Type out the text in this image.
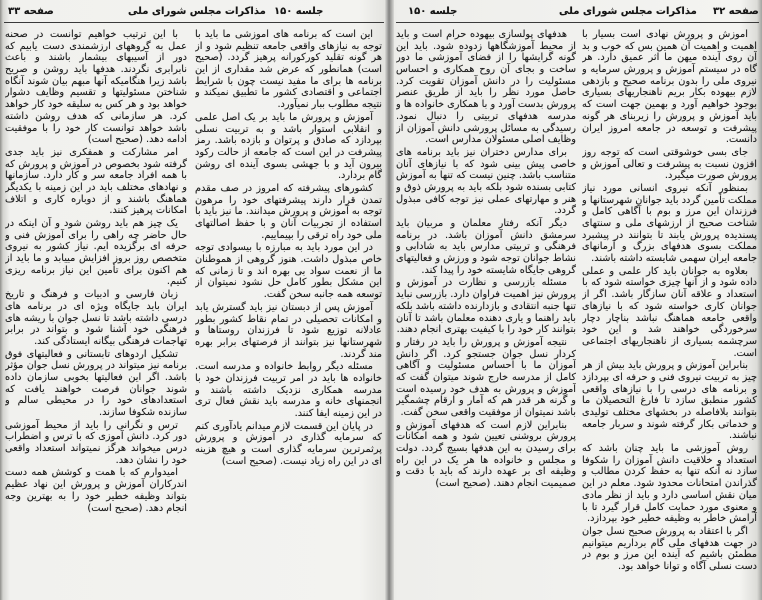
صفحه ۳۳	مذاکرات مجلس شورای ملی جلسه ۱۵۰

این است که برنامه های آموزشی ما باید با توجه به نیازهای واقعی جامعه تنظیم شود و از هر گونه تقلید کورکورانه پرهیز گردد. (صحیح است) همانطور که عرض شد مقداری از این برنامه ها برای ما مفید نیست چون با شرایط اجتماعی و اقتصادی کشور ما تطبیق نمیکند و نتیجه مطلوب ببار نمیآورد.

آموزش و پرورش ما باید بر یک اصل علمی و انقلابی استوار باشد و به تربیت نسلی بپردازد که صادق و پرتوان و بازده باشد. رمز پیشرفت در این است که جامعه از حالت رکود بیرون آید و با جهشی بسوی آینده ای روشن گام بردارد.

کشورهای پیشرفته که امروز در صف مقدم تمدن قرار دارند پیشرفتهای خود را مرهون توجه به آموزش و پرورش میدانند. ما نیز باید با استفاده از تجربیات آنان و با حفظ اصالتهای ملی خود راه ترقی را بپیماییم.

در این مورد باید به مبارزه با بیسوادی توجه خاص مبذول داشت. هنوز گروهی از هموطنان ما از نعمت سواد بی بهره اند و تا زمانی که این مشکل بطور کامل حل نشود نمیتوان از توسعه همه جانبه سخن گفت.

آموزش پس از دبستان نیز باید گسترش یابد و امکانات تحصیلی در تمام نقاط کشور بطور عادلانه توزیع شود تا فرزندان روستاها و شهرستانها نیز بتوانند از فرصتهای برابر بهره مند گردند.

مسئله دیگر روابط خانواده و مدرسه است. خانواده ها باید در امر تربیت فرزندان خود با مدرسه همکاری نزدیک داشته باشند و انجمنهای خانه و مدرسه باید نقش فعال تری در این زمینه ایفا کنند.

در پایان این قسمت لازم میدانم یادآوری کنم که سرمایه گذاری در آموزش و پرورش پرثمرترین سرمایه گذاری است و هیچ هزینه ای در این راه زیاد نیست. (صحیح است)

با این ترتیب خواهیم توانست در صحنه عمل به گروههای ارزشمندی دست یابیم که دور از آسیبهای بیشمار باشند و باعث نابرابری نگردند. هدفها باید روشن و صریح باشد زیرا هنگامیکه آنها مبهم بیان شوند آنگاه شناختن مسئولیتها و تقسیم وظایف دشوار خواهد بود و هر کس به سلیقه خود کار خواهد کرد. هر سازمانی که هدف روشن داشته باشد خواهد توانست کار خود را با موفقیت ادامه دهد. (صحیح است)

امر مشارکت و همفکری نیز باید جدی گرفته شود بخصوص در آموزش و پرورش که با همه افراد جامعه سر و کار دارد. سازمانها و نهادهای مختلف باید در این زمینه با یکدیگر هماهنگ باشند و از دوباره کاری و اتلاف امکانات پرهیز کنند.

یک چیز هم باید روشن شود و آن اینکه در حال حاضر چه راهی را برای آموزش فنی و حرفه ای برگزیده ایم. نیاز کشور به نیروی متخصص روز بروز افزایش مییابد و ما باید از هم اکنون برای تأمین این نیاز برنامه ریزی کنیم.

زبان فارسی و ادبیات و فرهنگ و تاریخ ایران باید جایگاه ویژه ای در برنامه های درسی داشته باشد تا نسل جوان با ریشه های فرهنگی خود آشنا شود و بتواند در برابر تهاجمات فرهنگی بیگانه ایستادگی کند.

تشکیل اردوهای تابستانی و فعالیتهای فوق برنامه نیز میتواند در پرورش نسل جوان مؤثر باشد. اگر این فعالیتها بخوبی سازمان داده شوند جوانان فرصت خواهند یافت که استعدادهای خود را در محیطی سالم و سازنده شکوفا سازند.

ترس و نگرانی را باید از محیط آموزشی دور کرد. دانش آموزی که با ترس و اضطراب درس میخواند هرگز نمیتواند استعداد واقعی خود را نشان دهد.

امیدوارم که با همت و کوشش همه دست اندرکاران آموزش و پرورش این نهاد عظیم بتواند وظیفه خطیر خود را به بهترین وجه انجام دهد. (صحیح است)

جلسه ۱۵۰	مذاکرات مجلس شورای ملی صفحه ۳۲

آموزش و پرورش نهادی است بسیار با اهمیت و اهمیت آن همین بس که خوب و بد آن روی آینده میهن ما اثر عمیق دارد. هر گاه در سیستم آموزش و پرورش سرمایه و نیروی ملی را بدون برنامه صحیح و بازدهی لازم بیهوده بکار بریم ناهنجاریهای بسیاری بوجود خواهیم آورد و بهمین جهت است که باید آموزش و پرورش را زیربنای هر گونه پیشرفت و توسعه در جامعه امروز ایران دانست.

جای بسی خوشوقتی است که توجه روز افزون نسبت به پیشرفت و تعالی آموزش و پرورش صورت میگیرد.

بمنظور آنکه نیروی انسانی مورد نیاز مملکت تأمین گردد باید جوانان شهرستانها و فرزندان این مرز و بوم با آگاهی کامل و شناخت صحیح از ارزشهای ملی و سنتهای پسندیده پرورش یابند تا بتوانند در پیشبرد مملکت بسوی هدفهای بزرگ و آرمانهای جامعه ایران سهمی شایسته داشته باشند.

بعلاوه به جوانان باید کار علمی و عملی داده شود و از آنها چیزی خواسته شود که با استعداد و علاقه آنان سازگار باشد. اگر از جوانان کاری خواسته شود که با نیازهای واقعی جامعه هماهنگ نباشد بناچار دچار سرخوردگی خواهند شد و این خود سرچشمه بسیاری از ناهنجاریهای اجتماعی است.

بنابراین آموزش و پرورش باید بیش از هر چیز به تربیت نیروی فنی و حرفه ای بپردازد و برنامه های درسی را با نیازهای واقعی کشور منطبق سازد تا فارغ التحصیلان ما بتوانند بلافاصله در بخشهای مختلف تولیدی و خدماتی بکار گرفته شوند و سربار جامعه نباشند.

روش آموزشی ما باید چنان باشد که استعداد و خلاقیت دانش آموزان را شکوفا سازد نه آنکه تنها به حفظ کردن مطالب و گذراندن امتحانات محدود شود. معلم در این میان نقش اساسی دارد و باید از نظر مادی و معنوی مورد حمایت کامل قرار گیرد تا با آرامش خاطر به وظیفه خطیر خود بپردازد.

اگر با اعتقاد به پرورش صحیح نسل جوان در جهت هدفهای ملی گام برداریم میتوانیم مطمئن باشیم که آینده این مرز و بوم در دست نسلی آگاه و توانا خواهد بود.

هدفهای پولسازی بیهوده حرام است و باید از محیط آموزشگاهها زدوده شود. باید این گونه گرایشها را از فضای آموزشی ما دور ساخت و بجای آن روح همکاری و احساس مسئولیت را در دانش آموزان تقویت کرد. حاصل مورد نظر را باید از طریق عنصر پرورش بدست آورد و با همکاری خانواده ها و مدرسه هدفهای تربیتی را دنبال نمود. رسیدگی به مسائل پرورشی دانش آموزان از وظایف اصلی مسئولان مدارس است.

برای مدارس دختران نیز باید برنامه های خاصی پیش بینی شود که با نیازهای آنان متناسب باشد. چنین نیست که تنها به آموزش کتابی بسنده شود بلکه باید به پرورش ذوق و هنر و مهارتهای عملی نیز توجه کافی مبذول گردد.

دیگر آنکه رفتار معلمان و مربیان باید سرمشق دانش آموزان باشد. در برنامه فرهنگی و تربیتی مدارس باید به شادابی و نشاط جوانان توجه شود و ورزش و فعالیتهای گروهی جایگاه شایسته خود را پیدا کند.

مسئله بازرسی و نظارت در آموزش و پرورش نیز اهمیت فراوان دارد. بازرسی نباید تنها جنبه انتقادی و بازدارنده داشته باشد بلکه باید راهنما و یاری دهنده معلمان باشد تا آنان بتوانند کار خود را با کیفیت بهتری انجام دهند.

نتیجه آموزش و پرورش را باید در رفتار و کردار نسل جوان جستجو کرد. اگر دانش آموزان ما با احساس مسئولیت و آگاهی کامل از مدرسه خارج شوند میتوان گفت که آموزش و پرورش به هدف خود رسیده است و گرنه هر قدر هم که آمار و ارقام چشمگیر باشد نمیتوان از موفقیت واقعی سخن گفت.

بنابراین لازم است که هدفهای آموزش و پرورش بروشنی تعیین شود و همه امکانات برای رسیدن به این هدفها بسیج گردد. دولت و مجلس و خانواده ها هر یک در این راه وظیفه ای بر عهده دارند که باید با دقت و صمیمیت انجام دهند. (صحیح است)
